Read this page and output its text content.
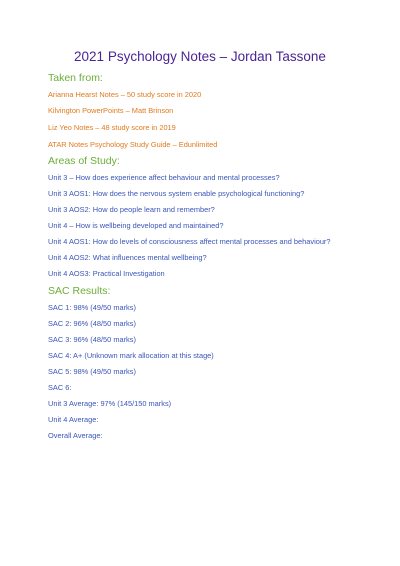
2021 Psychology Notes – Jordan Tassone
Taken from:
Arianna Hearst Notes – 50 study score in 2020
Kilvington PowerPoints – Matt Brinson
Liz Yeo Notes – 48 study score in 2019
ATAR Notes Psychology Study Guide – Edunlimited
Areas of Study:
Unit 3 – How does experience affect behaviour and mental processes?
Unit 3 AOS1: How does the nervous system enable psychological functioning?
Unit 3 AOS2: How do people learn and remember?
Unit 4 – How is wellbeing developed and maintained?
Unit 4 AOS1: How do levels of consciousness affect mental processes and behaviour?
Unit 4 AOS2: What influences mental wellbeing?
Unit 4 AOS3: Practical Investigation
SAC Results:
SAC 1: 98% (49/50 marks)
SAC 2: 96% (48/50 marks)
SAC 3: 96% (48/50 marks)
SAC 4: A+ (Unknown mark allocation at this stage)
SAC 5: 98% (49/50 marks)
SAC 6:
Unit 3 Average: 97% (145/150 marks)
Unit 4 Average:
Overall Average:
